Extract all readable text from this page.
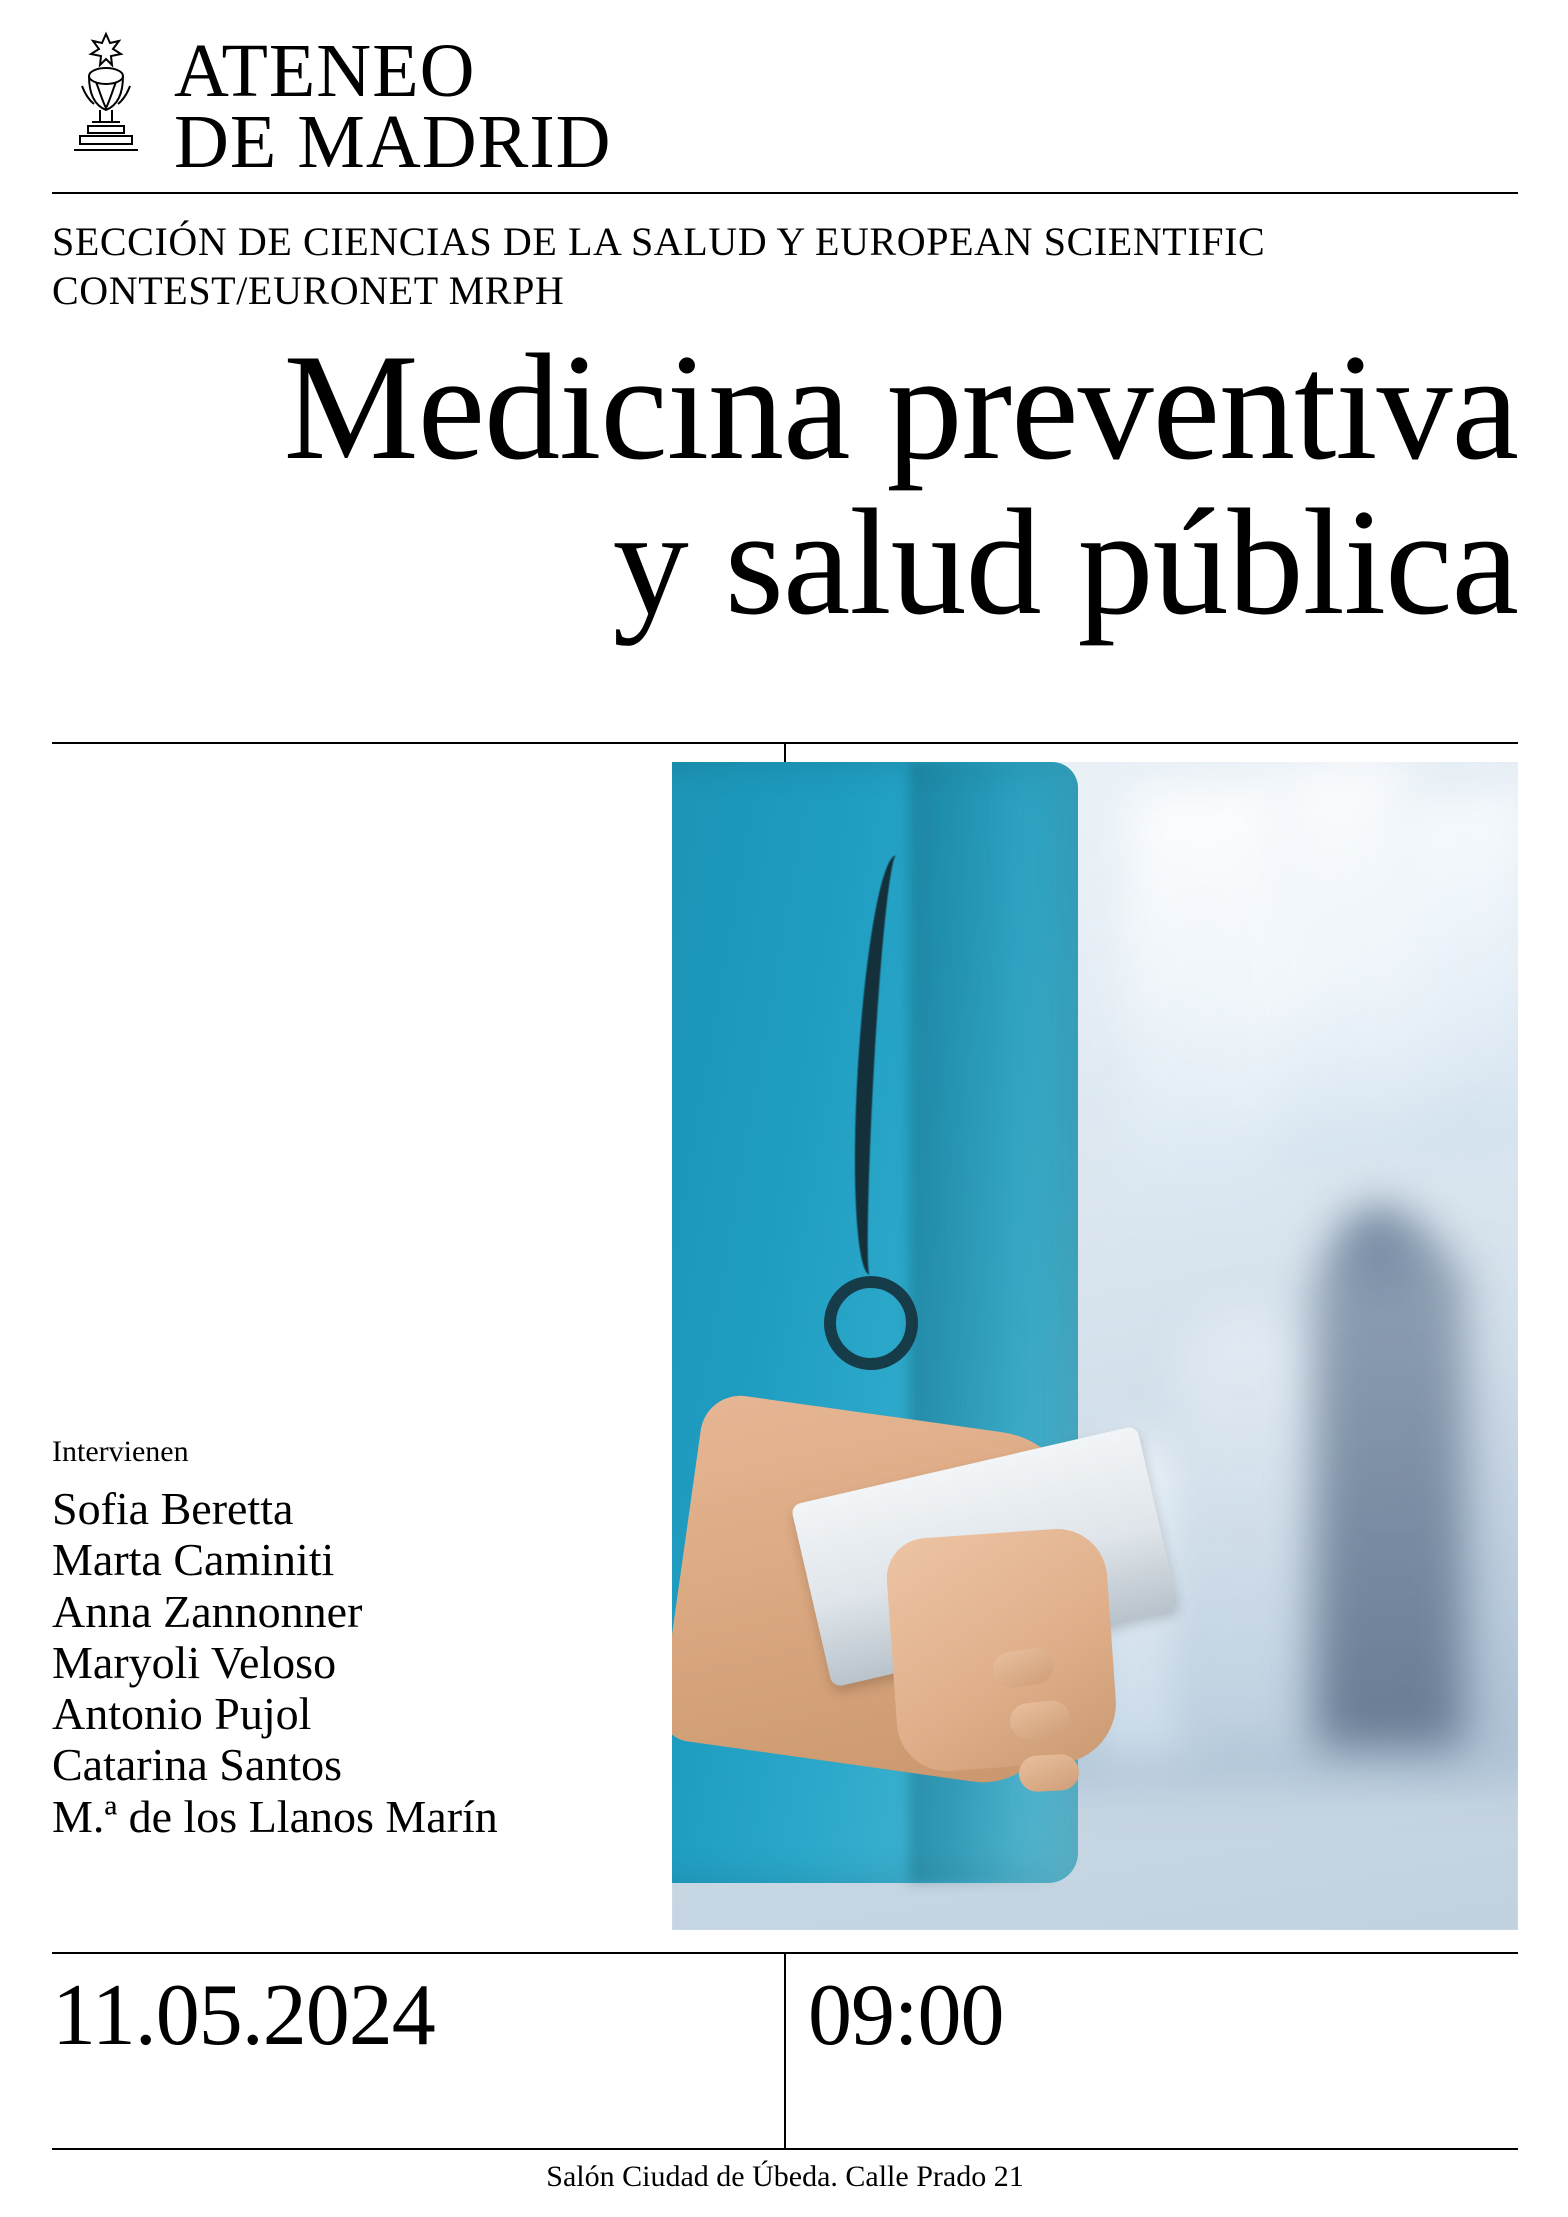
ATENEO
DE MADRID
SECCIÓN DE CIENCIAS DE LA SALUD Y EUROPEAN SCIENTIFIC CONTEST/EURONET MRPH
Medicina preventiva
y salud pública
Intervienen
Sofia Beretta
Marta Caminiti
Anna Zannonner
Maryoli Veloso
Antonio Pujol
Catarina Santos
M.ª de los Llanos Marín
11.05.2024	09:00
Salón Ciudad de Úbeda. Calle Prado 21
